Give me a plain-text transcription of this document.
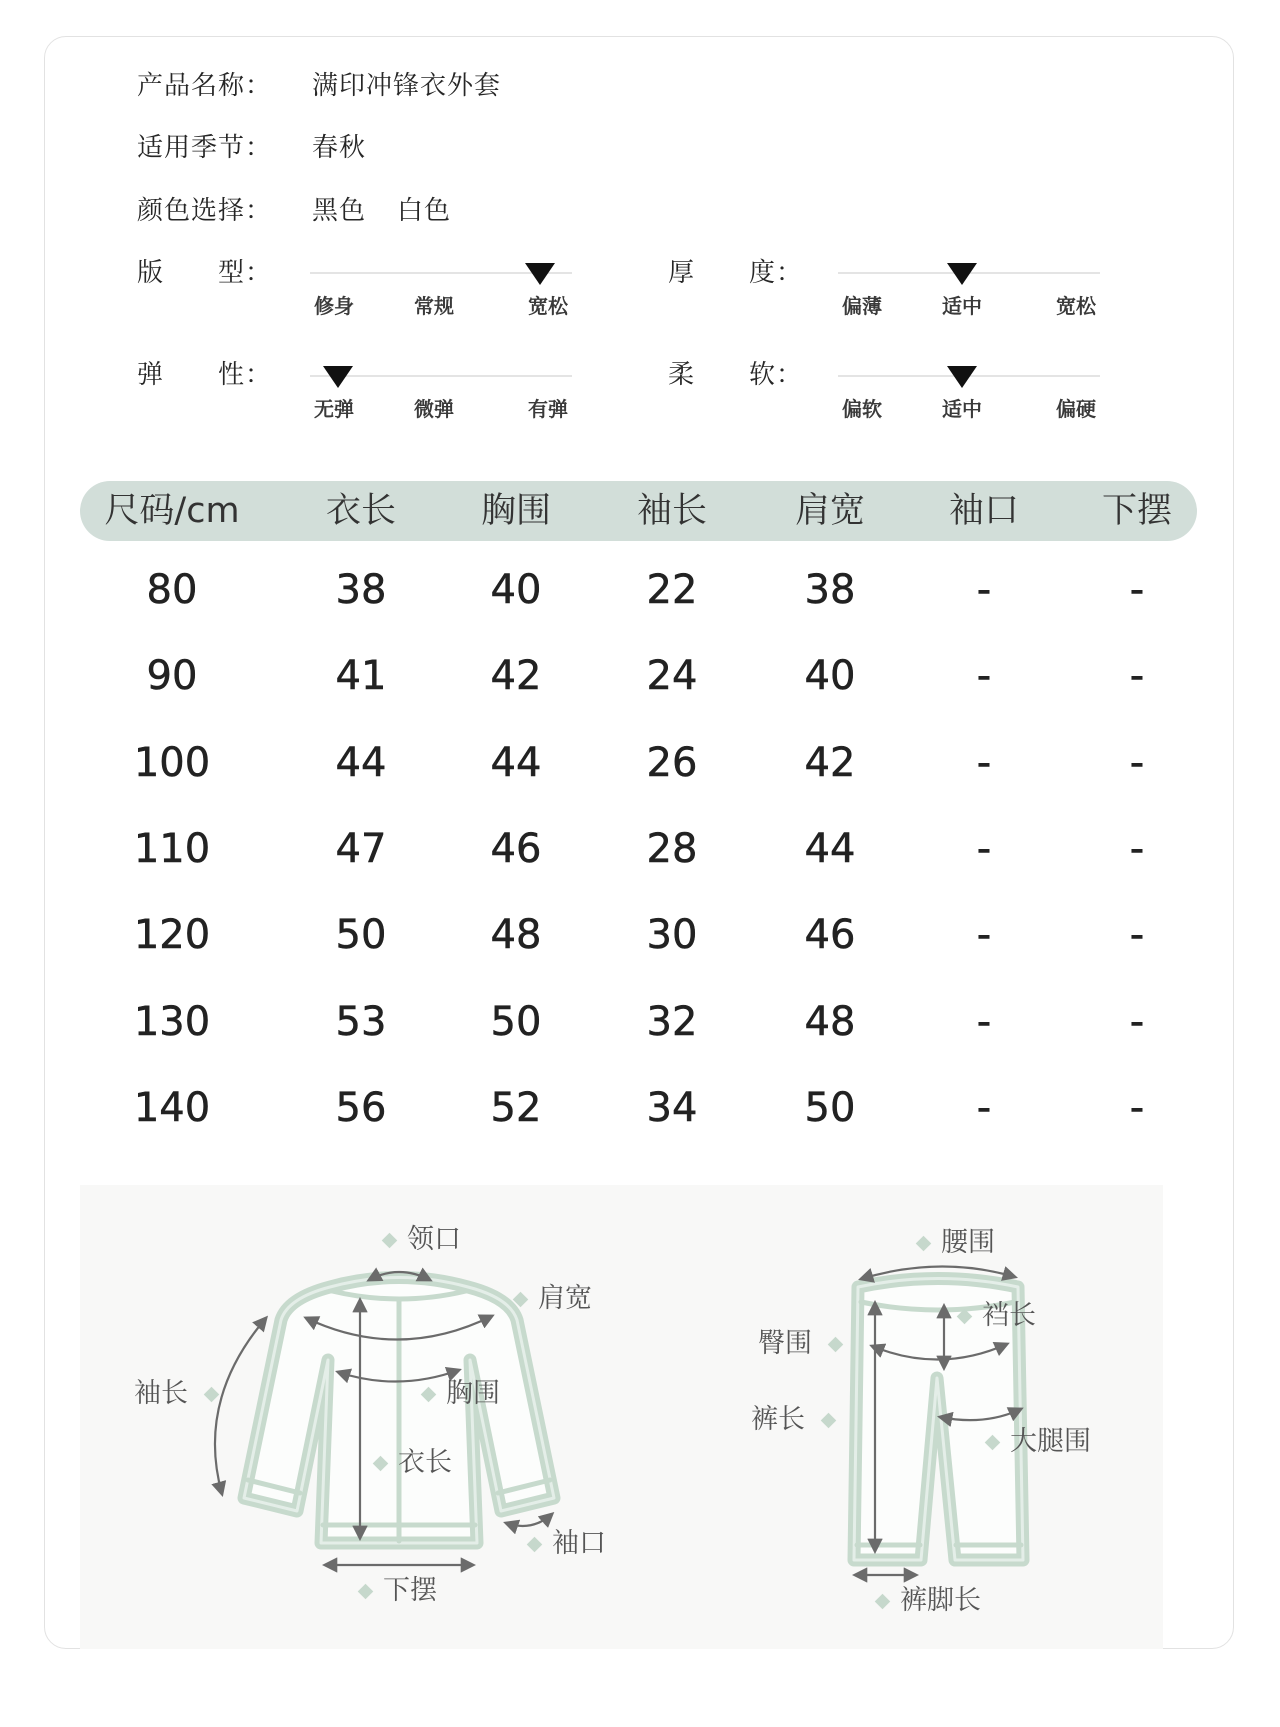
产品名称： 满印冲锋衣外套
适用季节： 春秋
颜色选择： 黑色 白色
版　　型：
修身	常规	宽松
厚　　度：
偏薄	适中	宽松
弹　　性：
无弹	微弹	有弹
柔　　软：
偏软	适中	偏硬
尺码/cm	衣长	胸围	袖长	肩宽	袖口	下摆
80	38	40	22	38	-	-
90	41	42	24	40	-	-
100	44	44	26	42	-	-
110	47	46	28	44	-	-
120	50	48	30	46	-	-
130	53	50	32	48	-	-
140	56	52	34	50	-	-
领口
肩宽
袖长	胸围
衣长
袖口
下摆
腰围
裆长
臀围
裤长
大腿围
裤脚长
